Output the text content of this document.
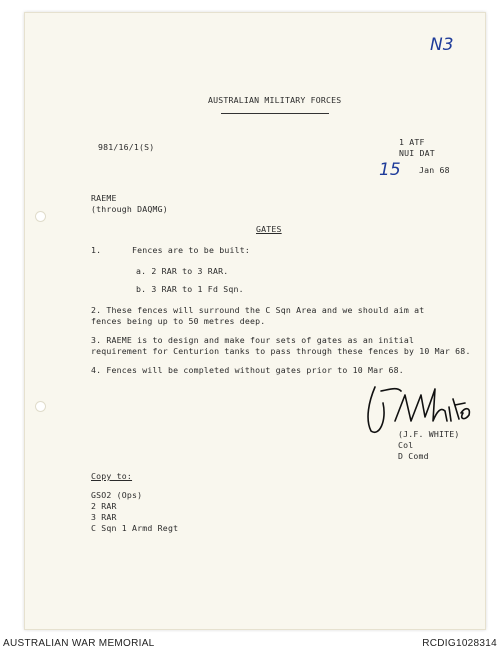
N3
AUSTRALIAN MILITARY FORCES
981/16/1(S)	1 ATF
NUI DAT
15 Jan 68
RAEME
(through DAQMG)
GATES
1.	Fences are to be built:
a. 2 RAR to 3 RAR.
b. 3 RAR to 1 Fd Sqn.
2. These fences will surround the C Sqn Area and we should aim at
fences being up to 50 metres deep.
3. RAEME is to design and make four sets of gates as an initial
requirement for Centurion tanks to pass through these fences by 10 Mar 68.
4. Fences will be completed without gates prior to 10 Mar 68.
(J.F. WHITE)
Col
D Comd
Copy to:
GSO2 (Ops)
2 RAR
3 RAR
C Sqn 1 Armd Regt
AUSTRALIAN WAR MEMORIAL	RCDIG1028314
